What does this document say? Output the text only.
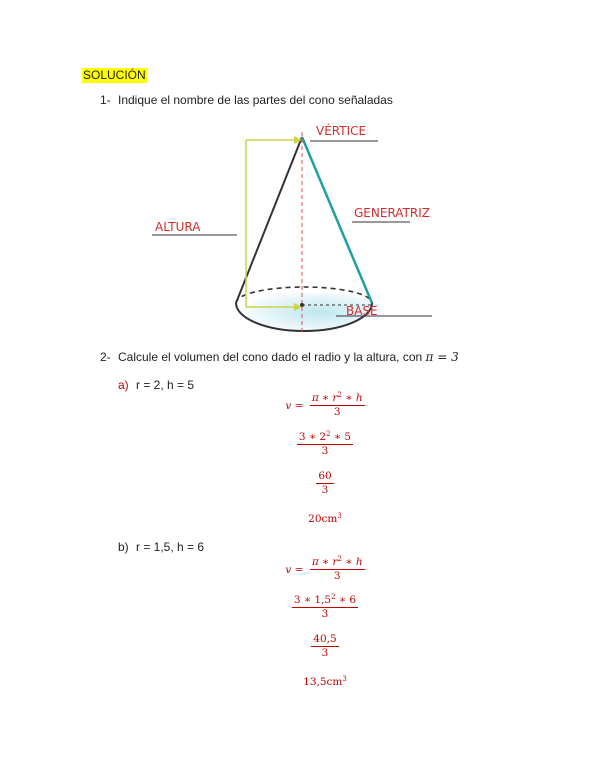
SOLUCIÓN
1- Indique el nombre de las partes del cono señaladas
VÉRTICE
GENERATRIZ
ALTURA
BASE
2- Calcule el volumen del cono dado el radio y la altura, con π = 3
a) r = 2, h = 5
$v = \frac{\pi ∗ r^2 ∗ h}{3}$
$\frac{3 ∗ 2^2 ∗ 5}{3}$
$\frac{60}{3}$
$20cm^3$
b) r = 1,5, h = 6
$v = \frac{\pi ∗ r^2 ∗ h}{3}$
$\frac{3 ∗ 1,5^2 ∗ 6}{3}$
$\frac{40,5}{3}$
$13,5cm^3$
